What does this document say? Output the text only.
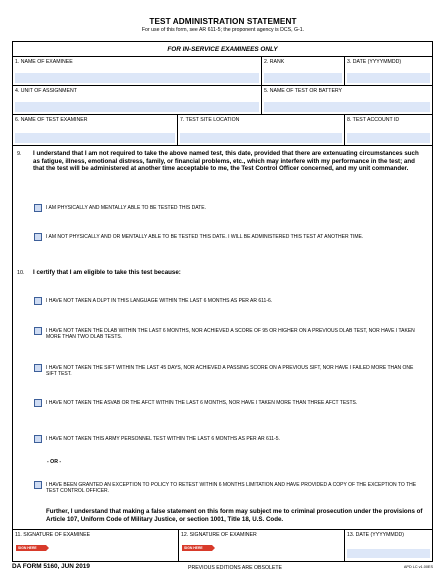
TEST ADMINISTRATION STATEMENT
For use of this form, see AR 611-5; the proponent agency is DCS, G-1.
FOR IN-SERVICE EXAMINEES ONLY
1. NAME OF EXAMINEE	2. RANK	3. DATE (YYYYMMDD)
4. UNIT OF ASSIGNMENT	5. NAME OF TEST OR BATTERY
6. NAME OF TEST EXAMINER	7. TEST SITE LOCATION	8. TEST ACCOUNT ID
9. I understand that I am not required to take the above named test, this date, provided that there are extenuating circumstances such as fatigue, illness, emotional distress, family, or financial problems, etc., which may interfere with my performance in the test; and that the test will be administered at another time acceptable to me, the Test Control Officer concerned, and my unit commander.
I AM PHYSICALLY AND MENTALLY ABLE TO BE TESTED THIS DATE.
I AM NOT PHYSICALLY AND OR MENTALLY ABLE TO BE TESTED THIS DATE. I WILL BE ADMINISTERED THIS TEST AT ANOTHER TIME.
10. I certify that I am eligible to take this test because:
I HAVE NOT TAKEN A DLPT IN THIS LANGUAGE WITHIN THE LAST 6 MONTHS AS PER AR 611-6.
I HAVE NOT TAKEN THE DLAB WITHIN THE LAST 6 MONTHS, NOR ACHIEVED A SCORE OF 95 OR HIGHER ON A PREVIOUS DLAB TEST, NOR HAVE I TAKEN MORE THAN TWO DLAB TESTS.
I HAVE NOT TAKEN THE SIFT WITHIN THE LAST 45 DAYS, NOR ACHIEVED A PASSING SCORE ON A PREVIOUS SIFT, NOR HAVE I FAILED MORE THAN ONE SIFT TEST.
I HAVE NOT TAKEN THE ASVAB OR THE AFCT WITHIN THE LAST 6 MONTHS, NOR HAVE I TAKEN MORE THAN THREE AFCT TESTS.
I HAVE NOT TAKEN THIS ARMY PERSONNEL TEST WITHIN THE LAST 6 MONTHS AS PER AR 611-5.
- OR -
I HAVE BEEN GRANTED AN EXCEPTION TO POLICY TO RETEST WITHIN 6 MONTHS LIMITATION AND HAVE PROVIDED A COPY OF THE EXCEPTION TO THE TEST CONTROL OFFICER.
Further, I understand that making a false statement on this form may subject me to criminal prosecution under the provisions of Article 107, Uniform Code of Military Justice, or section 1001, Title 18, U.S. Code.
11. SIGNATURE OF EXAMINEE
SIGN HERE
12. SIGNATURE OF EXAMINER
SIGN HERE
13. DATE (YYYYMMDD)
DA FORM 5160, JUN 2019	PREVIOUS EDITIONS ARE OBSOLETE	APD LC v1.00ES
